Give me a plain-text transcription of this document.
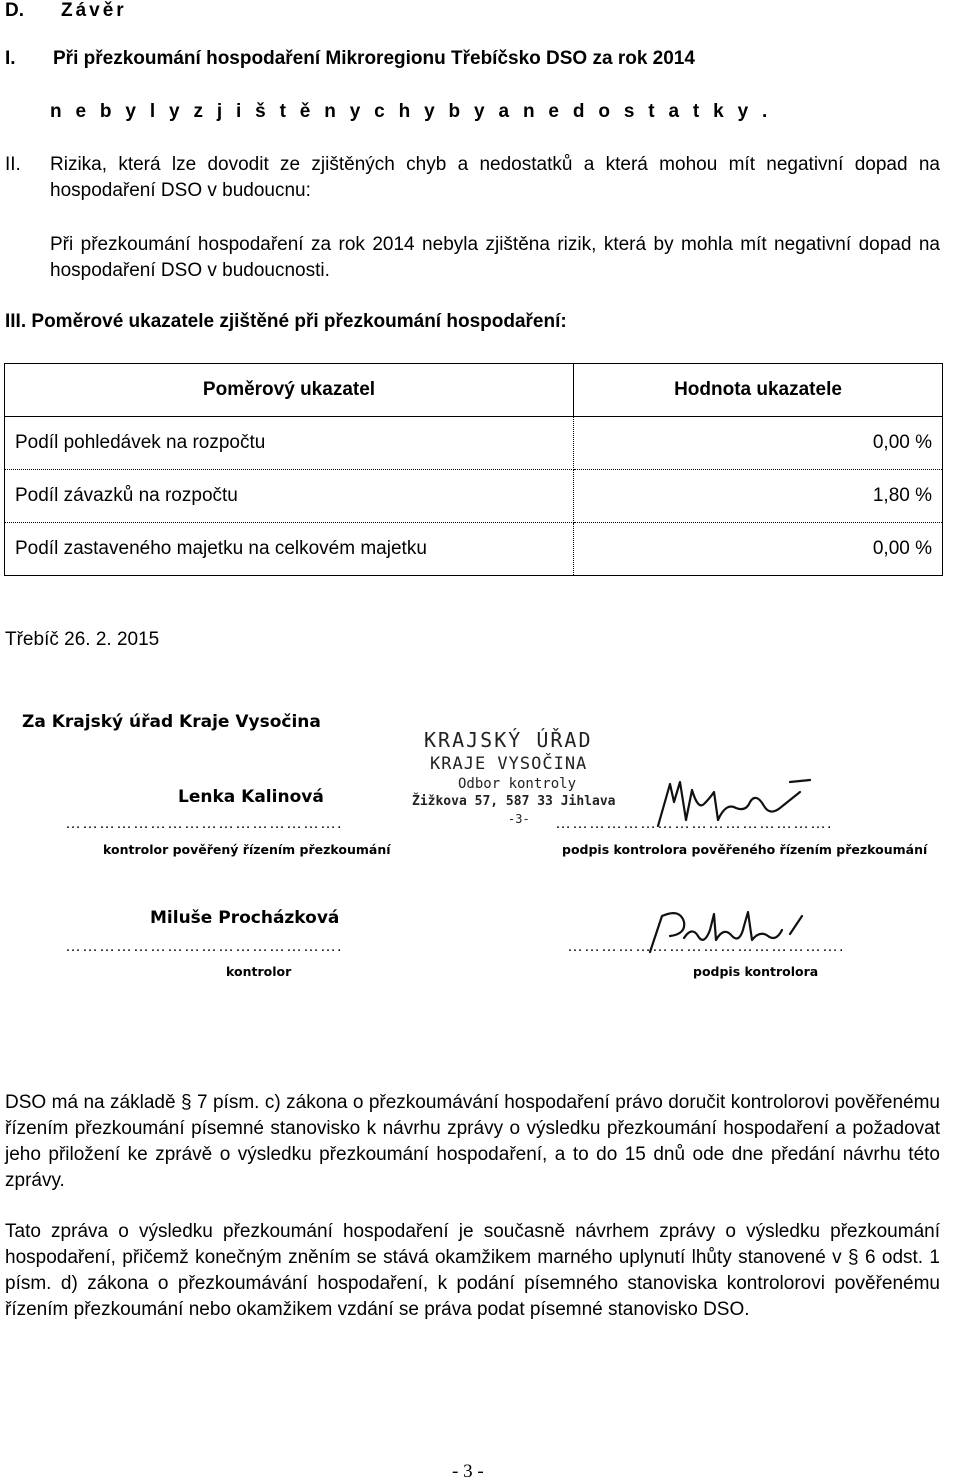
D. Závěr
I. Při přezkoumání hospodaření Mikroregionu Třebíčsko DSO za rok 2014
n e b y l y z j i š t ě n y c h y b y a n e d o s t a t k y .
II. Rizika, která lze dovodit ze zjištěných chyb a nedostatků a která mohou mít negativní dopad na hospodaření DSO v budoucnu:
Při přezkoumání hospodaření za rok 2014 nebyla zjištěna rizik, která by mohla mít negativní dopad na hospodaření DSO v budoucnosti.
III. Poměrové ukazatele zjištěné při přezkoumání hospodaření:
Poměrový ukazatel	Hodnota ukazatele
Podíl pohledávek na rozpočtu	0,00 %
Podíl závazků na rozpočtu	1,80 %
Podíl zastaveného majetku na celkovém majetku	0,00 %
Třebíč 26. 2. 2015
Za Krajský úřad Kraje Vysočina
Lenka Kalinová
KRAJSKÝ ÚŘAD
KRAJE VYSOČINA
Odbor kontroly
Žižkova 57, 587 33 Jihlava
-3-
………………………………………….	………………………………………….
kontrolor pověřený řízením přezkoumání	podpis kontrolora pověřeného řízením přezkoumání
Miluše Procházková
………………………………………….	………………………………………….
kontrolor	podpis kontrolora
DSO má na základě § 7 písm. c) zákona o přezkoumávání hospodaření právo doručit kontrolorovi pověřenému řízením přezkoumání písemné stanovisko k návrhu zprávy o výsledku přezkoumání hospodaření a požadovat jeho přiložení ke zprávě o výsledku přezkoumání hospodaření, a to do 15 dnů ode dne předání návrhu této zprávy.
Tato zpráva o výsledku přezkoumání hospodaření je současně návrhem zprávy o výsledku přezkoumání hospodaření, přičemž konečným zněním se stává okamžikem marného uplynutí lhůty stanovené v § 6 odst. 1 písm. d) zákona o přezkoumávání hospodaření, k podání písemného stanoviska kontrolorovi pověřenému řízením přezkoumání nebo okamžikem vzdání se práva podat písemné stanovisko DSO.
- 3 -
